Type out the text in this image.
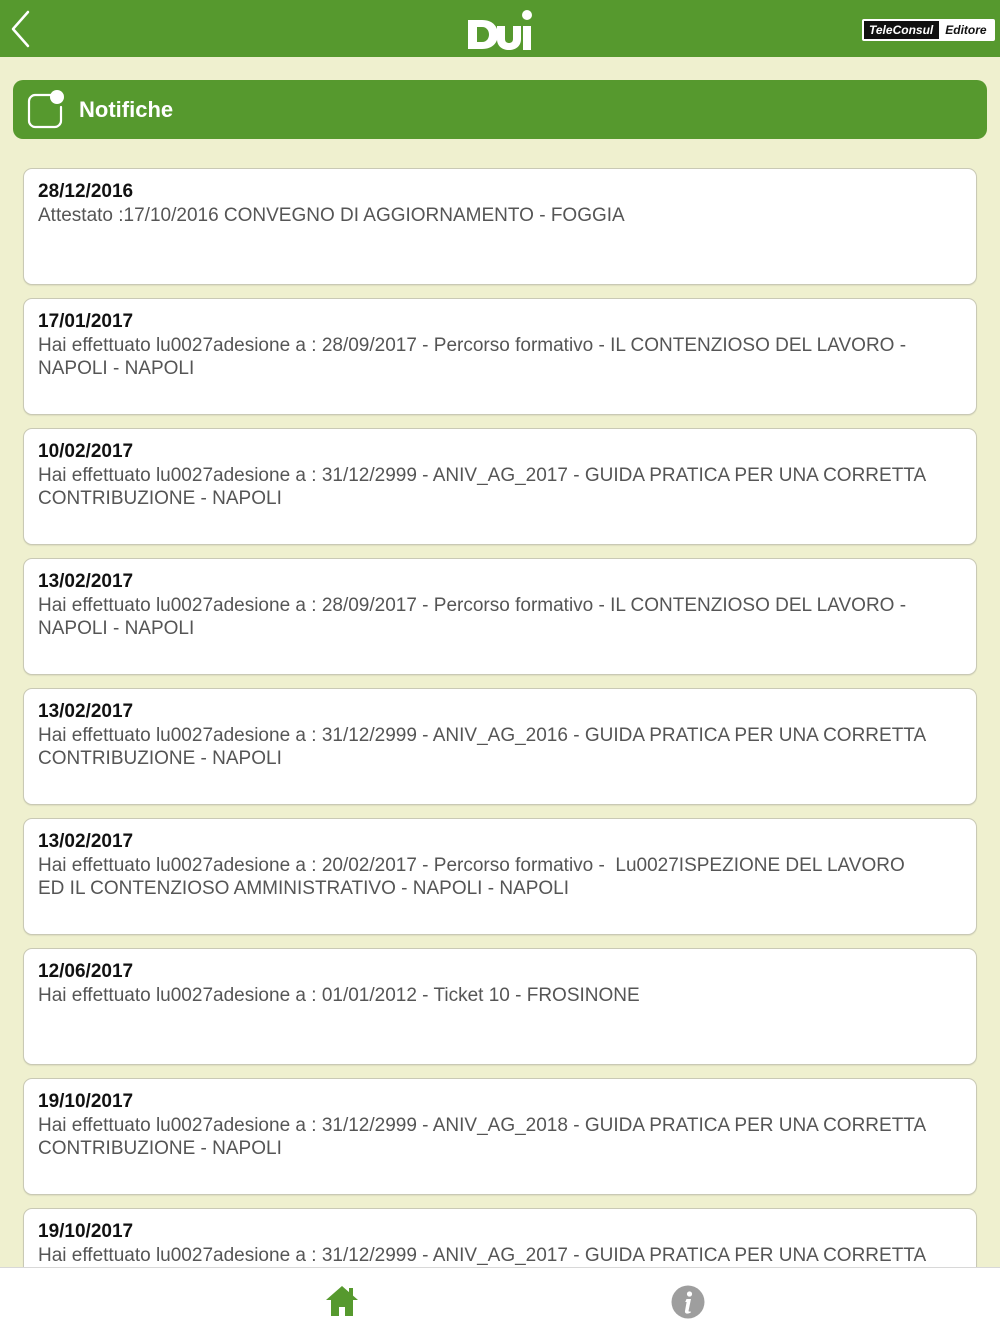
TeleConsul	Editore
Notifiche
28/12/2016
Attestato :17/10/2016 CONVEGNO DI AGGIORNAMENTO - FOGGIA
17/01/2017
Hai effettuato lu0027adesione a : 28/09/2017 - Percorso formativo - IL CONTENZIOSO DEL LAVORO -
NAPOLI - NAPOLI
10/02/2017
Hai effettuato lu0027adesione a : 31/12/2999 - ANIV_AG_2017 - GUIDA PRATICA PER UNA CORRETTA
CONTRIBUZIONE - NAPOLI
13/02/2017
Hai effettuato lu0027adesione a : 28/09/2017 - Percorso formativo - IL CONTENZIOSO DEL LAVORO -
NAPOLI - NAPOLI
13/02/2017
Hai effettuato lu0027adesione a : 31/12/2999 - ANIV_AG_2016 - GUIDA PRATICA PER UNA CORRETTA
CONTRIBUZIONE - NAPOLI
13/02/2017
Hai effettuato lu0027adesione a : 20/02/2017 - Percorso formativo -  Lu0027ISPEZIONE DEL LAVORO
ED IL CONTENZIOSO AMMINISTRATIVO - NAPOLI - NAPOLI
12/06/2017
Hai effettuato lu0027adesione a : 01/01/2012 - Ticket 10 - FROSINONE
19/10/2017
Hai effettuato lu0027adesione a : 31/12/2999 - ANIV_AG_2018 - GUIDA PRATICA PER UNA CORRETTA
CONTRIBUZIONE - NAPOLI
19/10/2017
Hai effettuato lu0027adesione a : 31/12/2999 - ANIV_AG_2017 - GUIDA PRATICA PER UNA CORRETTA
